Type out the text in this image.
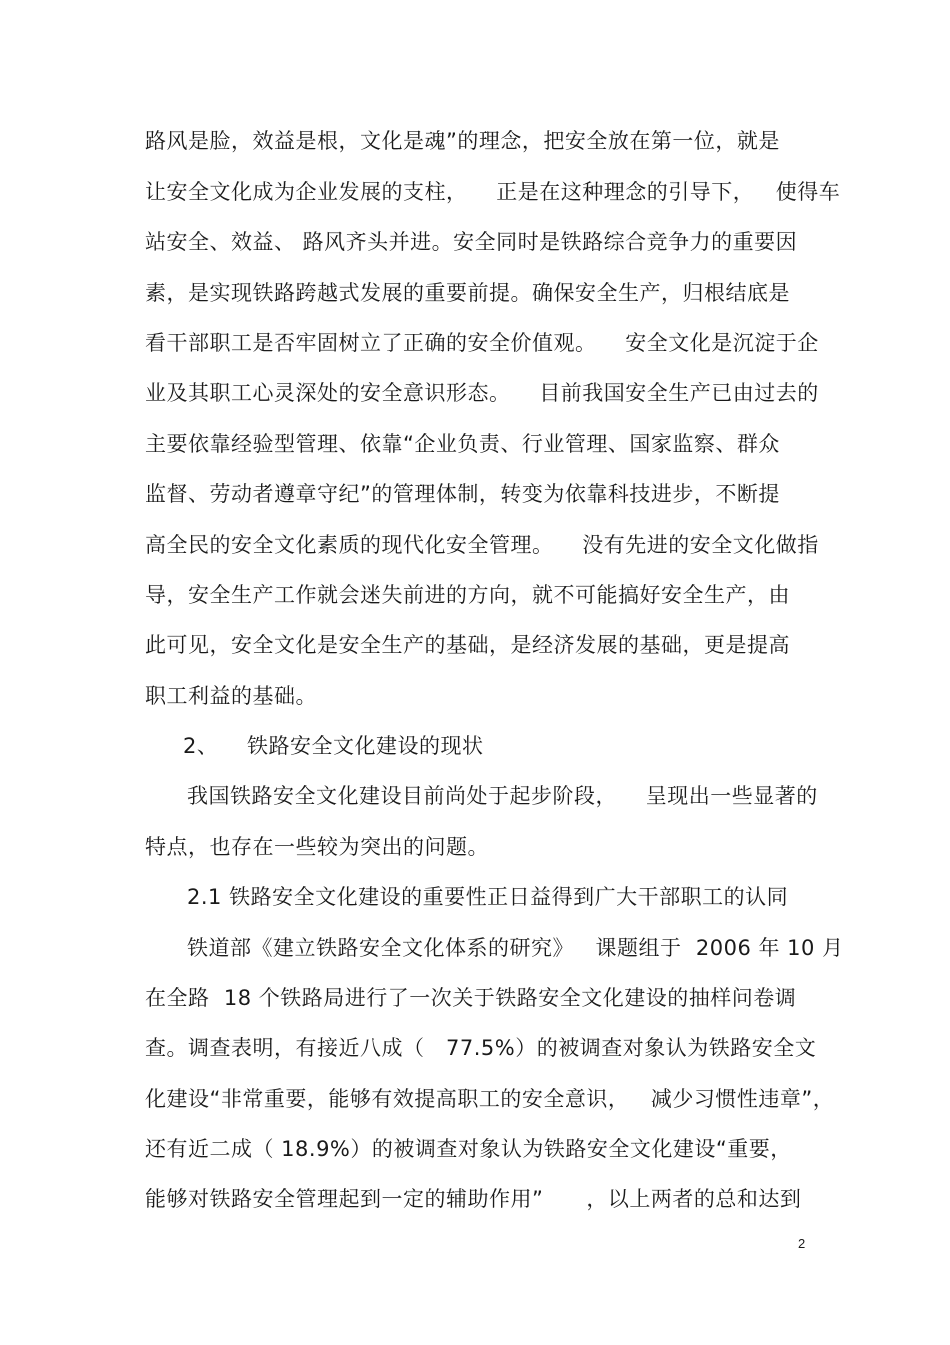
路风是脸，效益是根，文化是魂”的理念，把安全放在第一位，就是
让安全文化成为企业发展的支柱，    正是在这种理念的引导下，   使得车
站安全、效益、 路风齐头并进。安全同时是铁路综合竞争力的重要因
素，是实现铁路跨越式发展的重要前提。确保安全生产，归根结底是
看干部职工是否牢固树立了正确的安全价值观。    安全文化是沉淀于企
业及其职工心灵深处的安全意识形态。    目前我国安全生产已由过去的
主要依靠经验型管理、依靠“企业负责、行业管理、国家监察、群众
监督、劳动者遵章守纪”的管理体制，转变为依靠科技进步，不断提
高全民的安全文化素质的现代化安全管理。    没有先进的安全文化做指
导，安全生产工作就会迷失前进的方向，就不可能搞好安全生产，由
此可见，安全文化是安全生产的基础，是经济发展的基础，更是提高
职工利益的基础。
2、    铁路安全文化建设的现状
我国铁路安全文化建设目前尚处于起步阶段，    呈现出一些显著的
特点，也存在一些较为突出的问题。
2.1 铁路安全文化建设的重要性正日益得到广大干部职工的认同
铁道部《建立铁路安全文化体系的研究》   课题组于  2006 年 10 月
在全路  18 个铁路局进行了一次关于铁路安全文化建设的抽样问卷调
查。调查表明，有接近八成（   77.5%）的被调查对象认为铁路安全文
化建设“非常重要，能够有效提高职工的安全意识，   减少习惯性违章”，
还有近二成（ 18.9%）的被调查对象认为铁路安全文化建设“重要，
能够对铁路安全管理起到一定的辅助作用”      ，以上两者的总和达到
2
